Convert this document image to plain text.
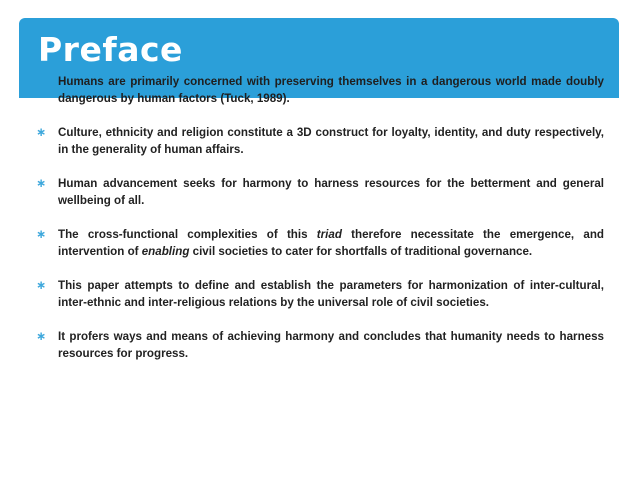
Preface
Humans are primarily concerned with preserving themselves in a dangerous world made doubly dangerous by human factors (Tuck, 1989).
∗ Culture, ethnicity and religion constitute a 3D construct for loyalty, identity, and duty respectively, in the generality of human affairs.
∗ Human advancement seeks for harmony to harness resources for the betterment and general wellbeing of all.
∗ The cross-functional complexities of this triad therefore necessitate the emergence, and intervention of enabling civil societies to cater for shortfalls of traditional governance.
∗ This paper attempts to define and establish the parameters for harmonization of inter-cultural, inter-ethnic and inter-religious relations by the universal role of civil societies.
∗ It profers ways and means of achieving harmony and concludes that humanity needs to harness resources for progress.
